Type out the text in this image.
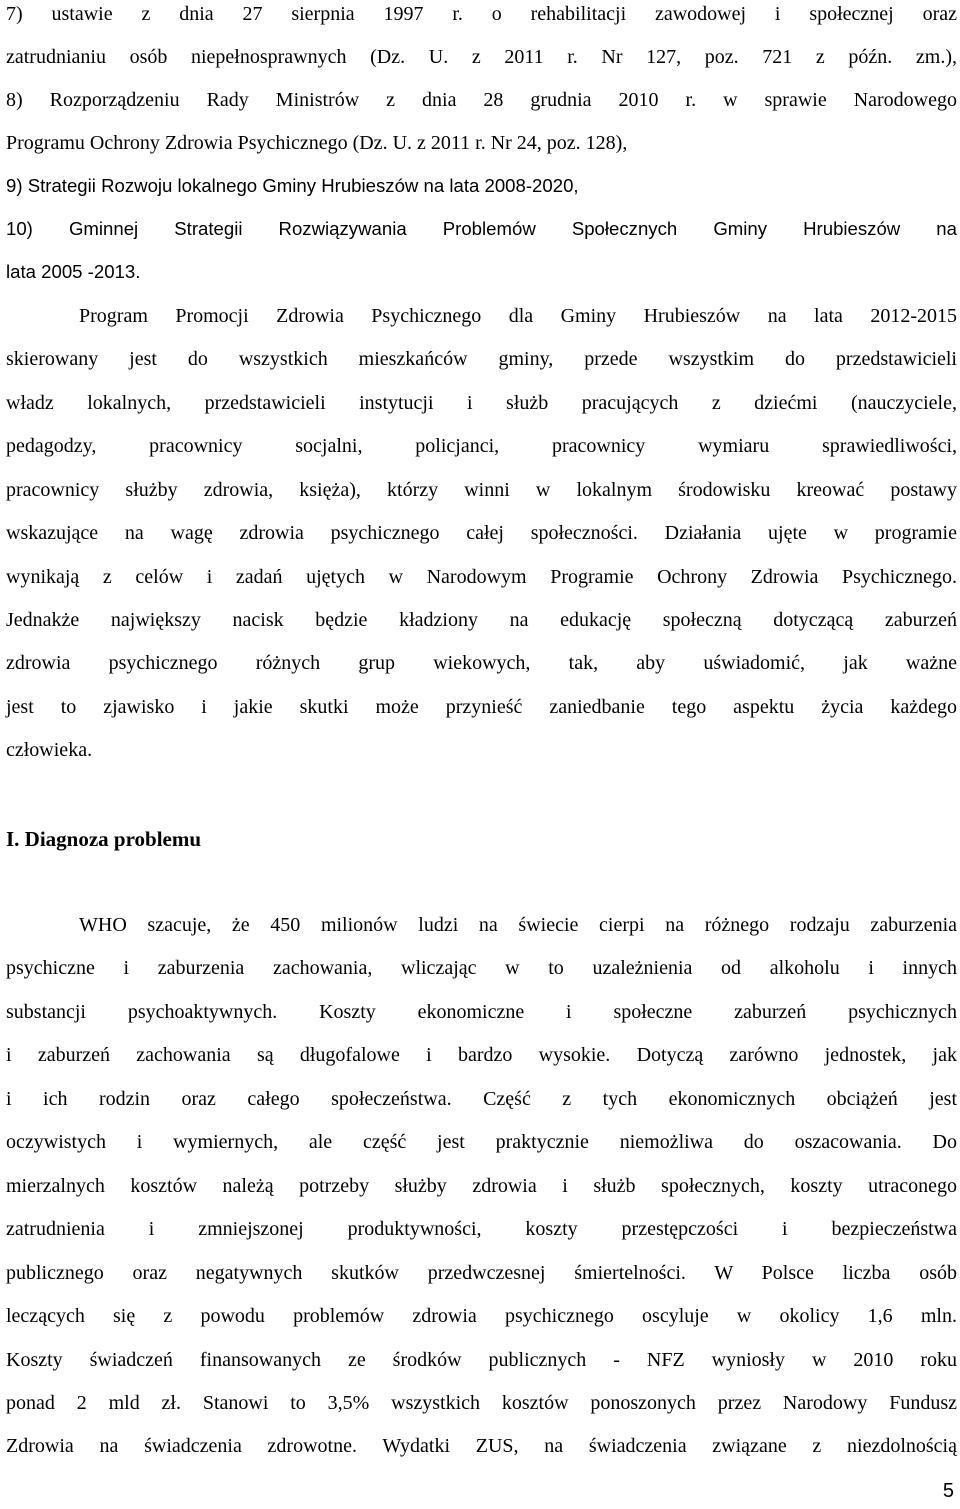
7) ustawie z dnia 27 sierpnia 1997 r. o rehabilitacji zawodowej i społecznej oraz
zatrudnianiu osób niepełnosprawnych (Dz. U. z 2011 r. Nr 127, poz. 721 z późn. zm.),
8) Rozporządzeniu Rady Ministrów z dnia 28 grudnia 2010 r. w sprawie Narodowego
Programu Ochrony Zdrowia Psychicznego (Dz. U. z 2011 r. Nr 24, poz. 128),
9) Strategii Rozwoju lokalnego Gminy Hrubieszów na lata 2008-2020,
10) Gminnej Strategii Rozwiązywania Problemów Społecznych Gminy Hrubieszów na
lata 2005 -2013.
Program Promocji Zdrowia Psychicznego dla Gminy Hrubieszów na lata 2012-2015
skierowany jest do wszystkich mieszkańców gminy, przede wszystkim do przedstawicieli
władz lokalnych, przedstawicieli instytucji i służb pracujących z dziećmi (nauczyciele,
pedagodzy, pracownicy socjalni, policjanci, pracownicy wymiaru sprawiedliwości,
pracownicy służby zdrowia, księża), którzy winni w lokalnym środowisku kreować postawy
wskazujące na wagę zdrowia psychicznego całej społeczności. Działania ujęte w programie
wynikają z celów i zadań ujętych w Narodowym Programie Ochrony Zdrowia Psychicznego.
Jednakże największy nacisk będzie kładziony na edukację społeczną dotyczącą zaburzeń
zdrowia psychicznego różnych grup wiekowych, tak, aby uświadomić, jak ważne
jest to zjawisko i jakie skutki może przynieść zaniedbanie tego aspektu życia każdego
człowieka.
I. Diagnoza problemu
WHO szacuje, że 450 milionów ludzi na świecie cierpi na różnego rodzaju zaburzenia
psychiczne i zaburzenia zachowania, wliczając w to uzależnienia od alkoholu i innych
substancji psychoaktywnych. Koszty ekonomiczne i społeczne zaburzeń psychicznych
i zaburzeń zachowania są długofalowe i bardzo wysokie. Dotyczą zarówno jednostek, jak
i ich rodzin oraz całego społeczeństwa. Część z tych ekonomicznych obciążeń jest
oczywistych i wymiernych, ale część jest praktycznie niemożliwa do oszacowania. Do
mierzalnych kosztów należą potrzeby służby zdrowia i służb społecznych, koszty utraconego
zatrudnienia i zmniejszonej produktywności, koszty przestępczości i bezpieczeństwa
publicznego oraz negatywnych skutków przedwczesnej śmiertelności. W Polsce liczba osób
leczących się z powodu problemów zdrowia psychicznego oscyluje w okolicy 1,6 mln.
Koszty świadczeń finansowanych ze środków publicznych - NFZ wyniosły w 2010 roku
ponad 2 mld zł. Stanowi to 3,5% wszystkich kosztów ponoszonych przez Narodowy Fundusz
Zdrowia na świadczenia zdrowotne. Wydatki ZUS, na świadczenia związane z niezdolnością
5
